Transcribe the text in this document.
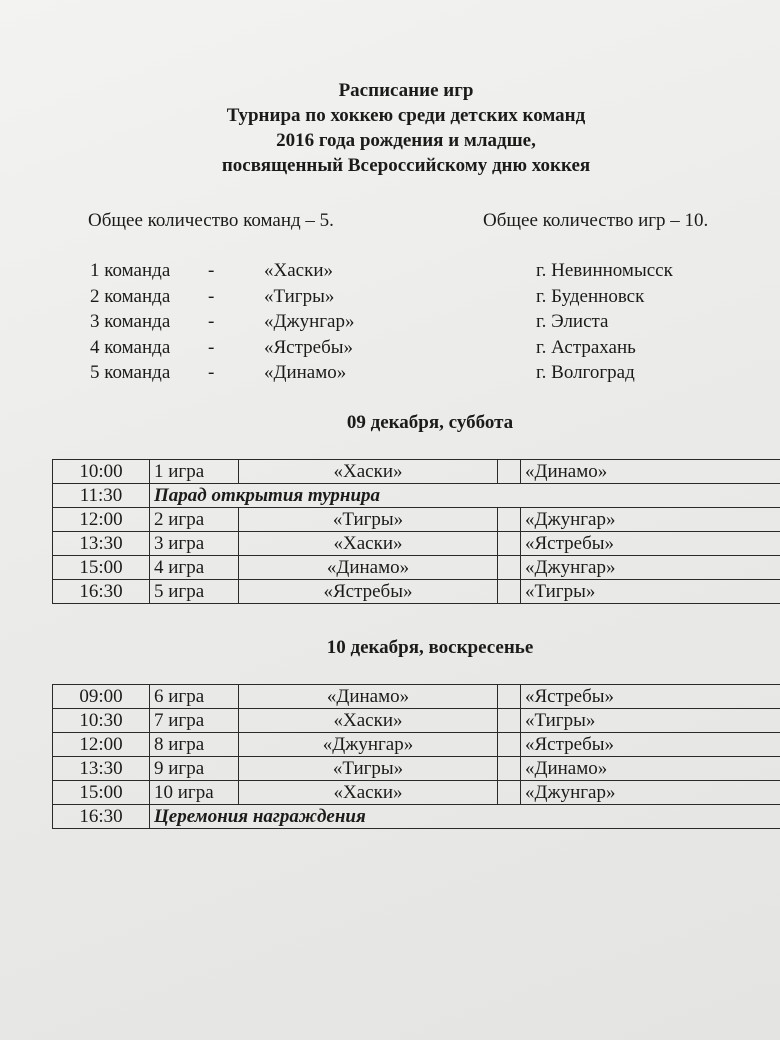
Расписание игр
Турнира по хоккею среди детских команд
2016 года рождения и младше,
посвященный Всероссийскому дню хоккея
Общее количество команд – 5.	Общее количество игр – 10.
1 команда -	«Хаски»	г. Невинномысск
2 команда -	«Тигры»	г. Буденновск
3 команда -	«Джунгар»	г. Элиста
4 команда -	«Ястребы»	г. Астрахань
5 команда -	«Динамо»	г. Волгоград
09 декабря, суббота
10:00	1 игра	«Хаски»		«Динамо»
11:30	Парад открытия турнира			
12:00	2 игра	«Тигры»		«Джунгар»
13:30	3 игра	«Хаски»		«Ястребы»
15:00	4 игра	«Динамо»		«Джунгар»
16:30	5 игра	«Ястребы»		«Тигры»
10 декабря, воскресенье
09:00	6 игра	«Динамо»		«Ястребы»
10:30	7 игра	«Хаски»		«Тигры»
12:00	8 игра	«Джунгар»		«Ястребы»
13:30	9 игра	«Тигры»		«Динамо»
15:00	10 игра	«Хаски»		«Джунгар»
16:30	Церемония награждения			
